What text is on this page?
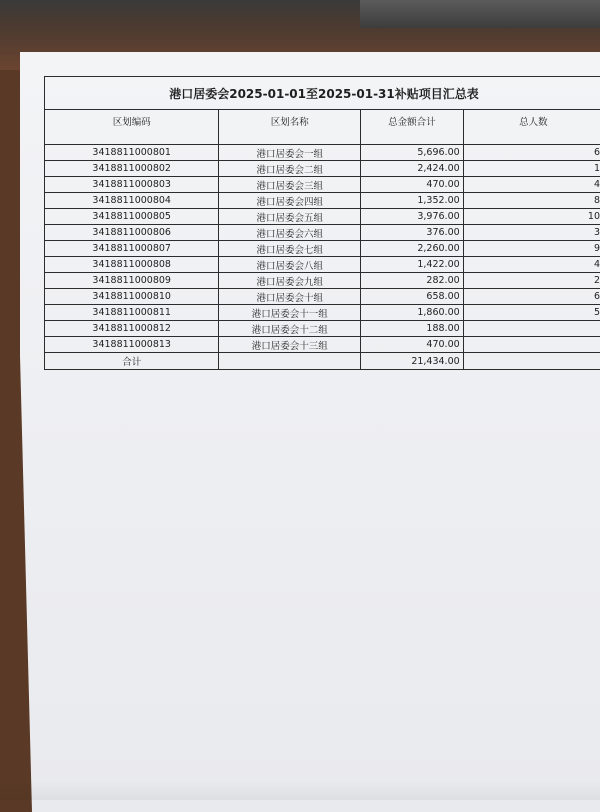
港口居委会2025-01-01至2025-01-31补贴项目汇总表			
区划编码	区划名称	总金额合计	总人数
3418811000801	港口居委会一组	5,696.00	6
3418811000802	港口居委会二组	2,424.00	1
3418811000803	港口居委会三组	470.00	4
3418811000804	港口居委会四组	1,352.00	8
3418811000805	港口居委会五组	3,976.00	10
3418811000806	港口居委会六组	376.00	3
3418811000807	港口居委会七组	2,260.00	9
3418811000808	港口居委会八组	1,422.00	4
3418811000809	港口居委会九组	282.00	2
3418811000810	港口居委会十组	658.00	6
3418811000811	港口居委会十一组	1,860.00	5
3418811000812	港口居委会十二组	188.00	
3418811000813	港口居委会十三组	470.00	
合计		21,434.00	
